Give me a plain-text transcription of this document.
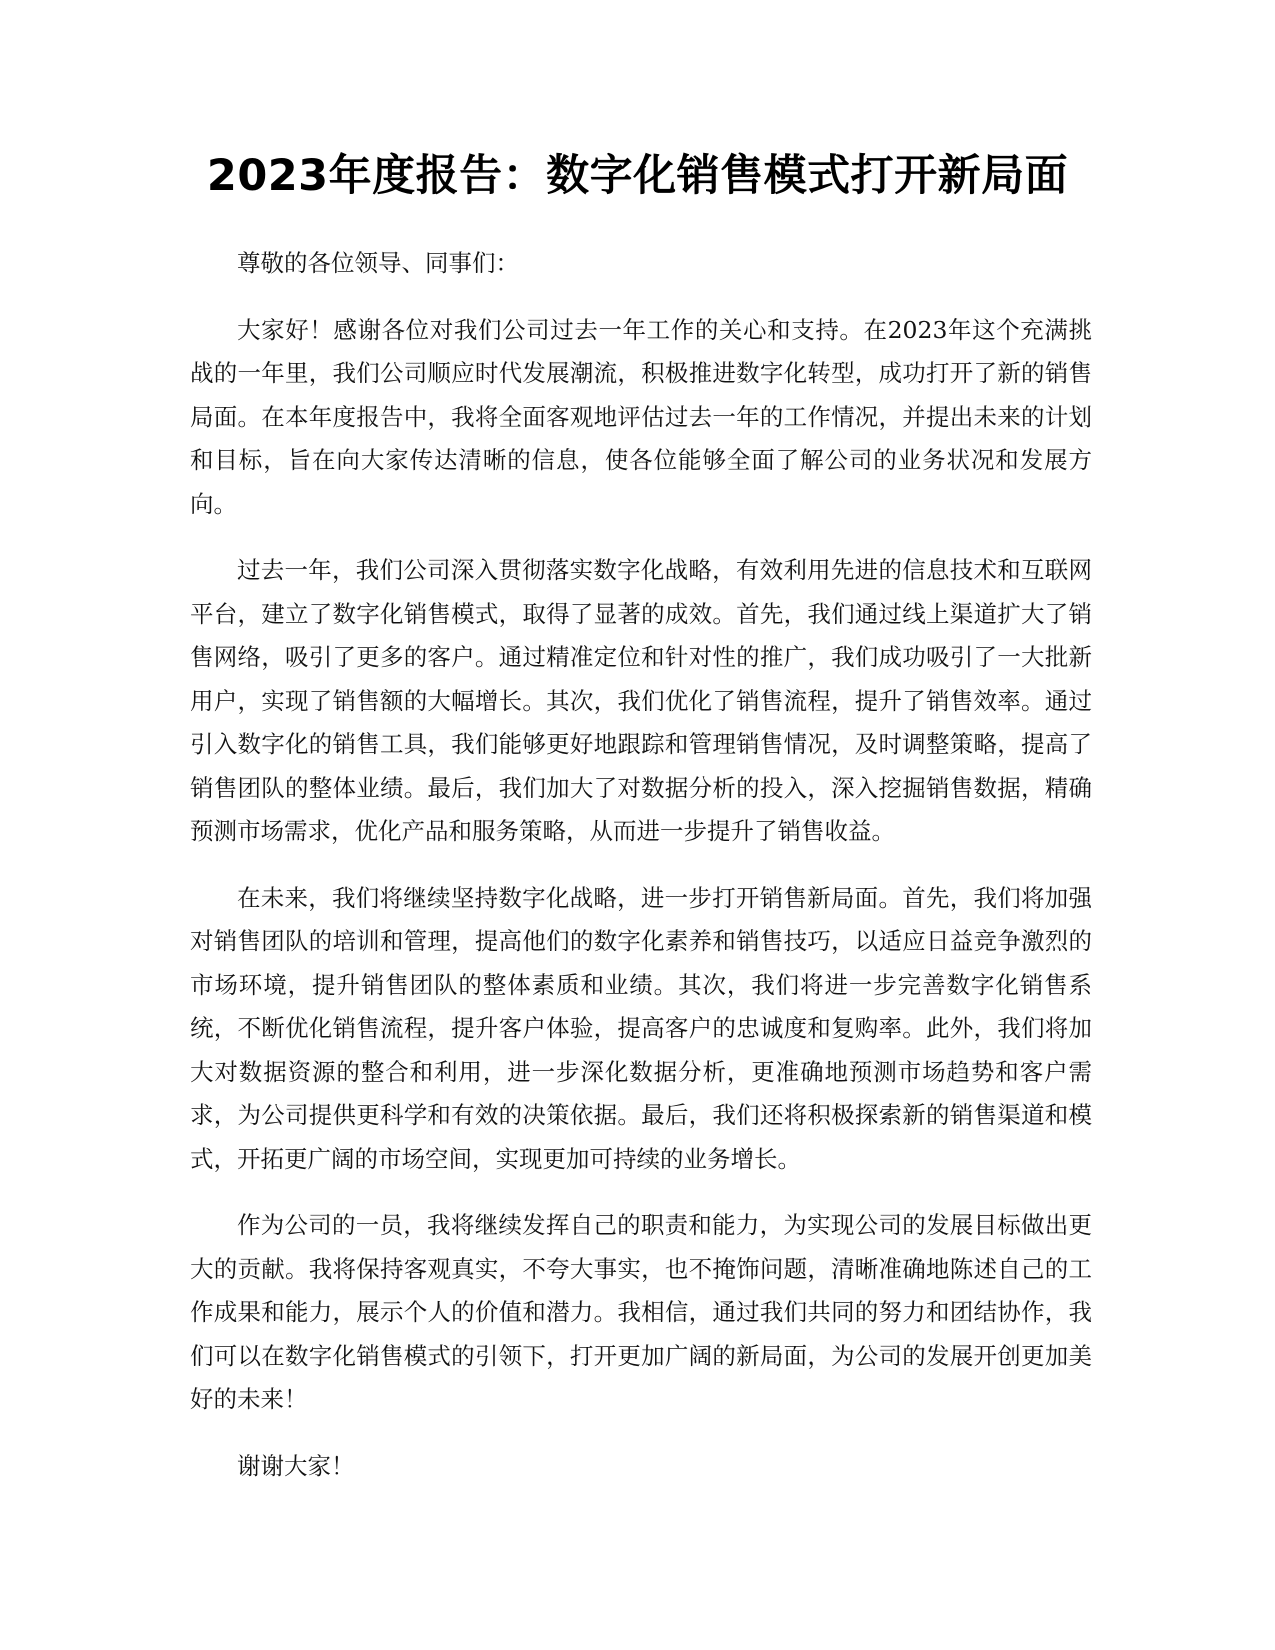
2023年度报告：数字化销售模式打开新局面

尊敬的各位领导、同事们：

大家好！感谢各位对我们公司过去一年工作的关心和支持。在2023年这个充满挑战的一年里，我们公司顺应时代发展潮流，积极推进数字化转型，成功打开了新的销售局面。在本年度报告中，我将全面客观地评估过去一年的工作情况，并提出未来的计划和目标，旨在向大家传达清晰的信息，使各位能够全面了解公司的业务状况和发展方向。

过去一年，我们公司深入贯彻落实数字化战略，有效利用先进的信息技术和互联网平台，建立了数字化销售模式，取得了显著的成效。首先，我们通过线上渠道扩大了销售网络，吸引了更多的客户。通过精准定位和针对性的推广，我们成功吸引了一大批新用户，实现了销售额的大幅增长。其次，我们优化了销售流程，提升了销售效率。通过引入数字化的销售工具，我们能够更好地跟踪和管理销售情况，及时调整策略，提高了销售团队的整体业绩。最后，我们加大了对数据分析的投入，深入挖掘销售数据，精确预测市场需求，优化产品和服务策略，从而进一步提升了销售收益。

在未来，我们将继续坚持数字化战略，进一步打开销售新局面。首先，我们将加强对销售团队的培训和管理，提高他们的数字化素养和销售技巧，以适应日益竞争激烈的市场环境，提升销售团队的整体素质和业绩。其次，我们将进一步完善数字化销售系统，不断优化销售流程，提升客户体验，提高客户的忠诚度和复购率。此外，我们将加大对数据资源的整合和利用，进一步深化数据分析，更准确地预测市场趋势和客户需求，为公司提供更科学和有效的决策依据。最后，我们还将积极探索新的销售渠道和模式，开拓更广阔的市场空间，实现更加可持续的业务增长。

作为公司的一员，我将继续发挥自己的职责和能力，为实现公司的发展目标做出更大的贡献。我将保持客观真实，不夸大事实，也不掩饰问题，清晰准确地陈述自己的工作成果和能力，展示个人的价值和潜力。我相信，通过我们共同的努力和团结协作，我们可以在数字化销售模式的引领下，打开更加广阔的新局面，为公司的发展开创更加美好的未来！

谢谢大家！
